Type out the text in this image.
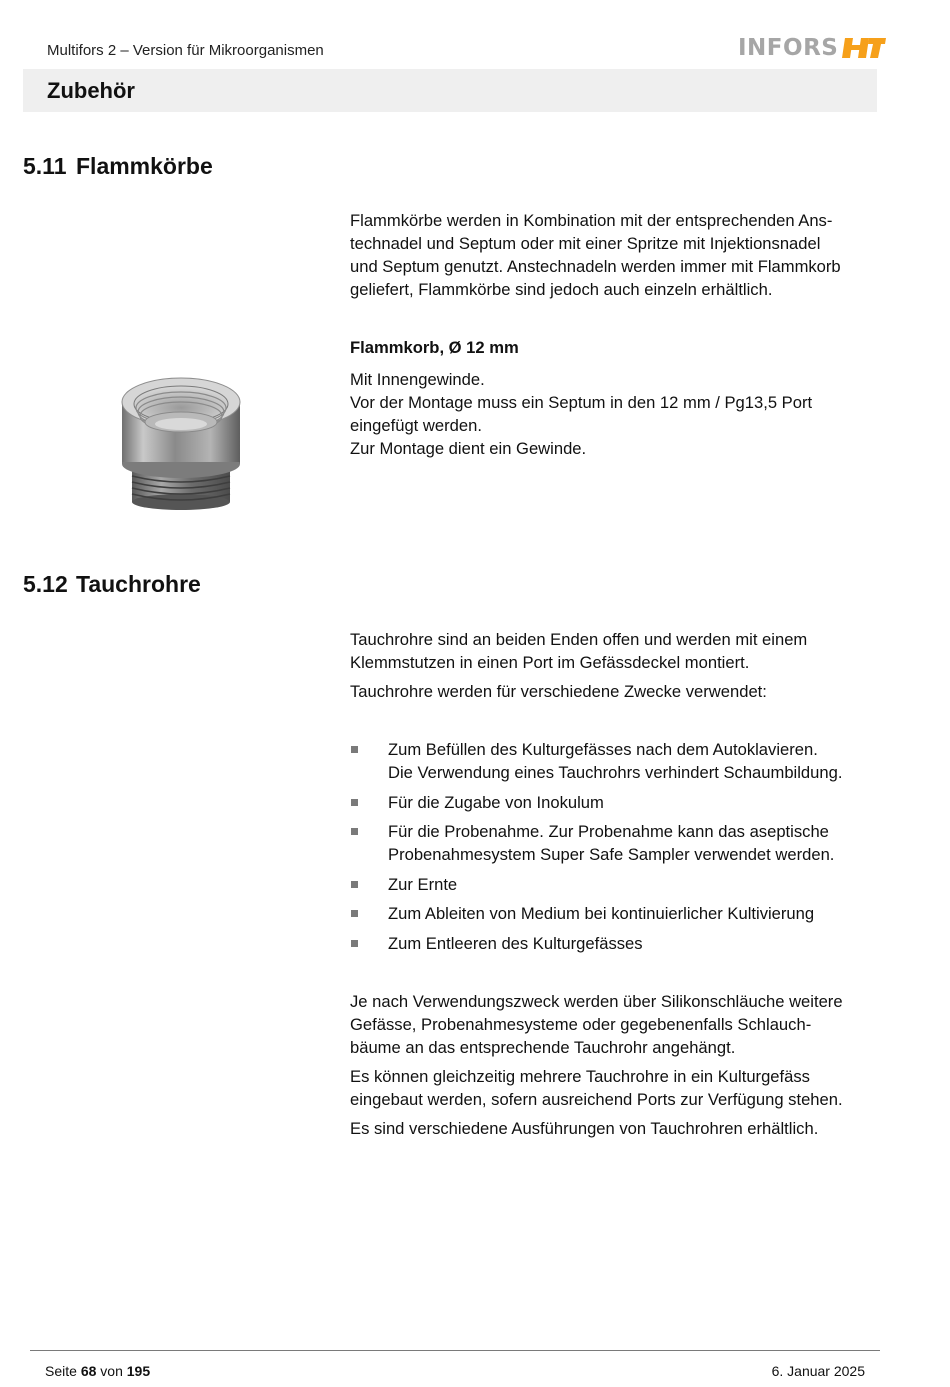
Multifors 2 – Version für Mikroorganismen	INFORS
Zubehör
5.11 Flammkörbe

Flammkörbe werden in Kombination mit der entsprechenden Ans-
technadel und Septum oder mit einer Spritze mit Injektionsnadel
und Septum genutzt. Anstechnadeln werden immer mit Flammkorb
geliefert, Flammkörbe sind jedoch auch einzeln erhältlich.

Flammkorb, Ø 12 mm

Mit Innengewinde.
Vor der Montage muss ein Septum in den 12 mm / Pg13,5 Port
eingefügt werden.
Zur Montage dient ein Gewinde.

5.12 Tauchrohre

Tauchrohre sind an beiden Enden offen und werden mit einem
Klemmstutzen in einen Port im Gefässdeckel montiert.

Tauchrohre werden für verschiedene Zwecke verwendet:

Zum Befüllen des Kulturgefässes nach dem Autoklavieren.
Die Verwendung eines Tauchrohrs verhindert Schaumbildung.
Für die Zugabe von Inokulum
Für die Probenahme. Zur Probenahme kann das aseptische
Probenahmesystem Super Safe Sampler verwendet werden.
Zur Ernte
Zum Ableiten von Medium bei kontinuierlicher Kultivierung
Zum Entleeren des Kulturgefässes

Je nach Verwendungszweck werden über Silikonschläuche weitere
Gefässe, Probenahmesysteme oder gegebenenfalls Schlauch-
bäume an das entsprechende Tauchrohr angehängt.

Es können gleichzeitig mehrere Tauchrohre in ein Kulturgefäss
eingebaut werden, sofern ausreichend Ports zur Verfügung stehen.

Es sind verschiedene Ausführungen von Tauchrohren erhältlich.

Seite 68 von 195	6. Januar 2025
